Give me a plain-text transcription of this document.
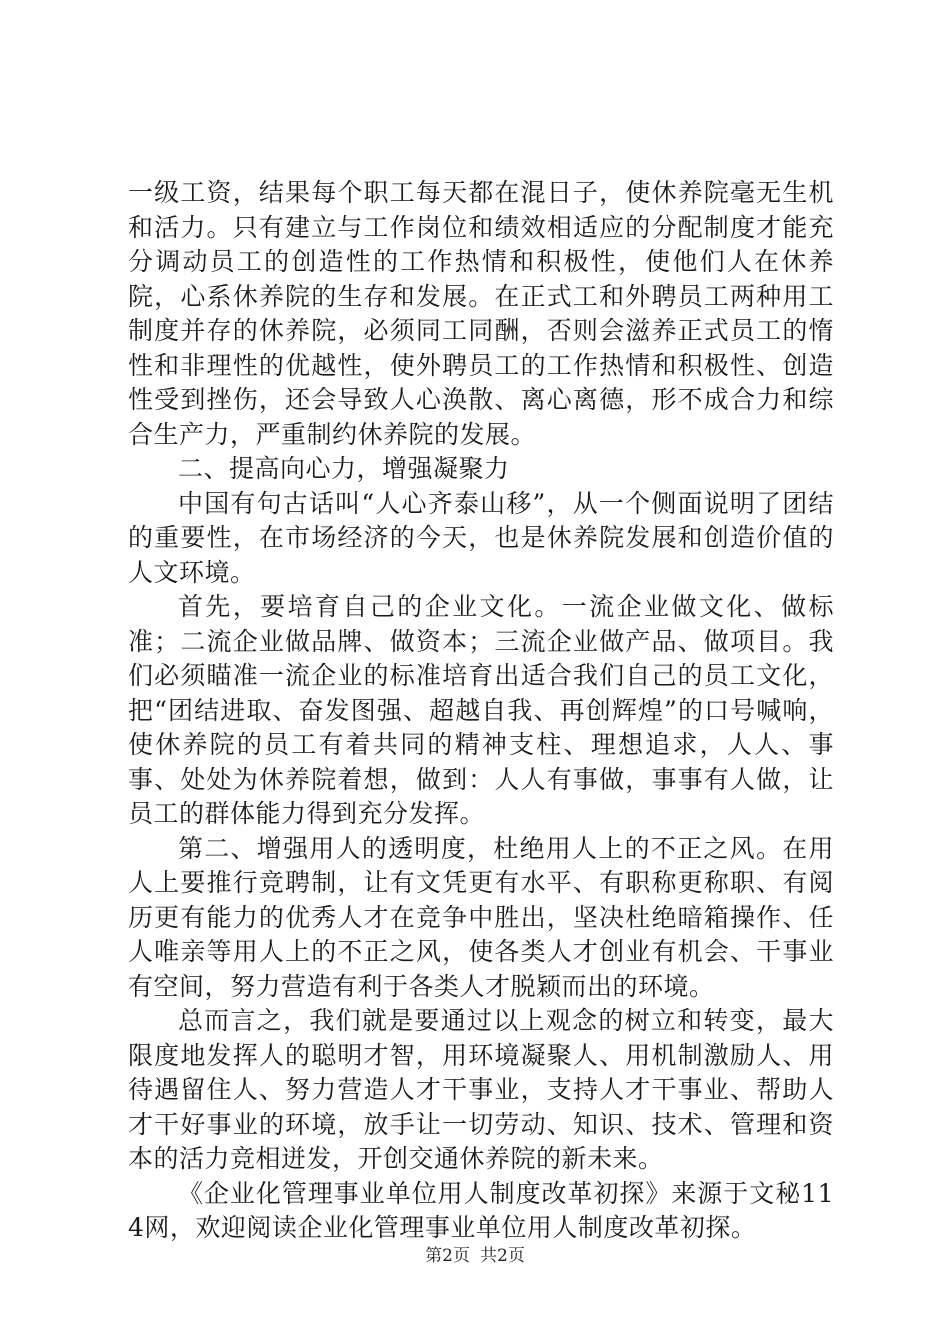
一级工资，结果每个职工每天都在混日子，使休养院毫无生机和活力。只有建立与工作岗位和绩效相适应的分配制度才能充分调动员工的创造性的工作热情和积极性，使他们人在休养院，心系休养院的生存和发展。在正式工和外聘员工两种用工制度并存的休养院，必须同工同酬，否则会滋养正式员工的惰性和非理性的优越性，使外聘员工的工作热情和积极性、创造性受到挫伤，还会导致人心涣散、离心离德，形不成合力和综合生产力，严重制约休养院的发展。

二、提高向心力，增强凝聚力

中国有句古话叫“人心齐泰山移”，从一个侧面说明了团结的重要性，在市场经济的今天，也是休养院发展和创造价值的人文环境。

首先，要培育自己的企业文化。一流企业做文化、做标准；二流企业做品牌、做资本；三流企业做产品、做项目。我们必须瞄准一流企业的标准培育出适合我们自己的员工文化，把“团结进取、奋发图强、超越自我、再创辉煌”的口号喊响，使休养院的员工有着共同的精神支柱、理想追求，人人、事事、处处为休养院着想，做到：人人有事做，事事有人做，让员工的群体能力得到充分发挥。

第二、增强用人的透明度，杜绝用人上的不正之风。在用人上要推行竞聘制，让有文凭更有水平、有职称更称职、有阅历更有能力的优秀人才在竞争中胜出，坚决杜绝暗箱操作、任人唯亲等用人上的不正之风，使各类人才创业有机会、干事业有空间，努力营造有利于各类人才脱颖而出的环境。

总而言之，我们就是要通过以上观念的树立和转变，最大限度地发挥人的聪明才智，用环境凝聚人、用机制激励人、用待遇留住人、努力营造人才干事业，支持人才干事业、帮助人才干好事业的环境，放手让一切劳动、知识、技术、管理和资本的活力竞相迸发，开创交通休养院的新未来。

《企业化管理事业单位用人制度改革初探》来源于文秘114网，欢迎阅读企业化管理事业单位用人制度改革初探。

第2页 共2页
